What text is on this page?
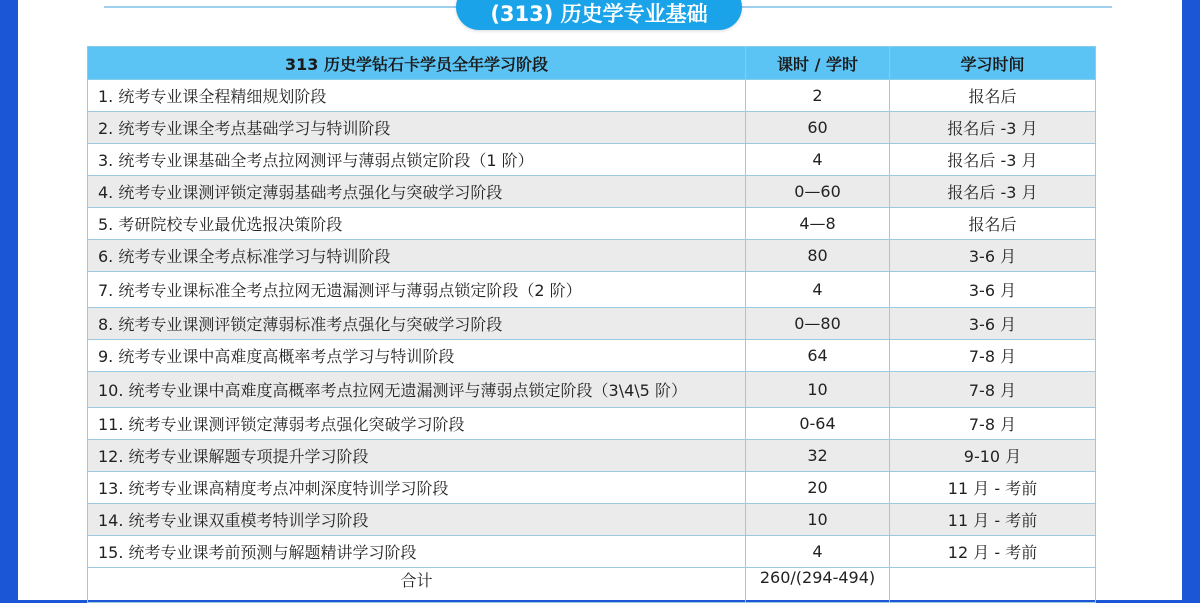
(313) 历史学专业基础
313 历史学钻石卡学员全年学习阶段	课时 / 学时	学习时间
1. 统考专业课全程精细规划阶段	2	报名后
2. 统考专业课全考点基础学习与特训阶段	60	报名后 -3 月
3. 统考专业课基础全考点拉网测评与薄弱点锁定阶段（1 阶）	4	报名后 -3 月
4. 统考专业课测评锁定薄弱基础考点强化与突破学习阶段	0—60	报名后 -3 月
5. 考研院校专业最优选报决策阶段	4—8	报名后
6. 统考专业课全考点标准学习与特训阶段	80	3-6 月
7. 统考专业课标准全考点拉网无遗漏测评与薄弱点锁定阶段（2 阶）	4	3-6 月
8. 统考专业课测评锁定薄弱标准考点强化与突破学习阶段	0—80	3-6 月
9. 统考专业课中高难度高概率考点学习与特训阶段	64	7-8 月
10. 统考专业课中高难度高概率考点拉网无遗漏测评与薄弱点锁定阶段（3\4\5 阶）	10	7-8 月
11. 统考专业课测评锁定薄弱考点强化突破学习阶段	0-64	7-8 月
12. 统考专业课解题专项提升学习阶段	32	9-10 月
13. 统考专业课高精度考点冲刺深度特训学习阶段	20	11 月 - 考前
14. 统考专业课双重模考特训学习阶段	10	11 月 - 考前
15. 统考专业课考前预测与解题精讲学习阶段	4	12 月 - 考前
合计	260/(294-494)	
